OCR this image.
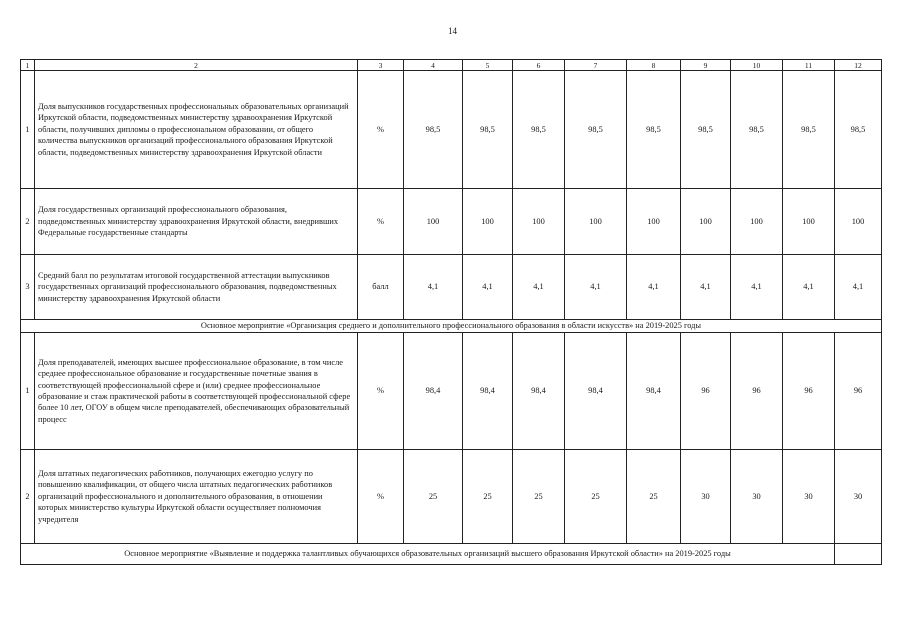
14
1	2	3	4	5	6	7	8	9	10	11	12
1	Доля выпускников государственных профессиональных образовательных организаций Иркутской области, подведомственных министерству здравоохранения Иркутской области, получивших дипломы о профессиональном образовании, от общего количества выпускников организаций профессионального образования Иркутской области, подведомственных министерству здравоохранения Иркутской области	%	98,5	98,5	98,5	98,5	98,5	98,5	98,5	98,5	98,5
2	Доля государственных организаций профессионального образования, подведомственных министерству здравоохранения Иркутской области, внедривших Федеральные государственные стандарты	%	100	100	100	100	100	100	100	100	100
3	Средний балл по результатам итоговой государственной аттестации выпускников государственных организаций профессионального образования, подведомственных министерству здравоохранения Иркутской области	балл	4,1	4,1	4,1	4,1	4,1	4,1	4,1	4,1	4,1
Основное мероприятие «Организация среднего и дополнительного профессионального образования в области искусств» на 2019-2025 годы											
1	Доля преподавателей, имеющих высшее профессиональное образование, в том числе среднее профессиональное образование и государственные почетные звания в соответствующей профессиональной сфере и (или) среднее профессиональное образование и стаж практической работы в соответствующей профессиональной сфере более 10 лет, ОГОУ в общем числе преподавателей, обеспечивающих образовательный процесс	%	98,4	98,4	98,4	98,4	98,4	96	96	96	96
2	Доля штатных педагогических работников, получающих ежегодно услугу по повышению квалификации, от общего числа штатных педагогических работников организаций профессионального и дополнительного образования, в отношении которых министерство культуры Иркутской области осуществляет полномочия учредителя	%	25	25	25	25	25	30	30	30	30
Основное мероприятие «Выявление и поддержка талантливых обучающихся образовательных организаций высшего образования Иркутской области» на 2019-2025 годы											
